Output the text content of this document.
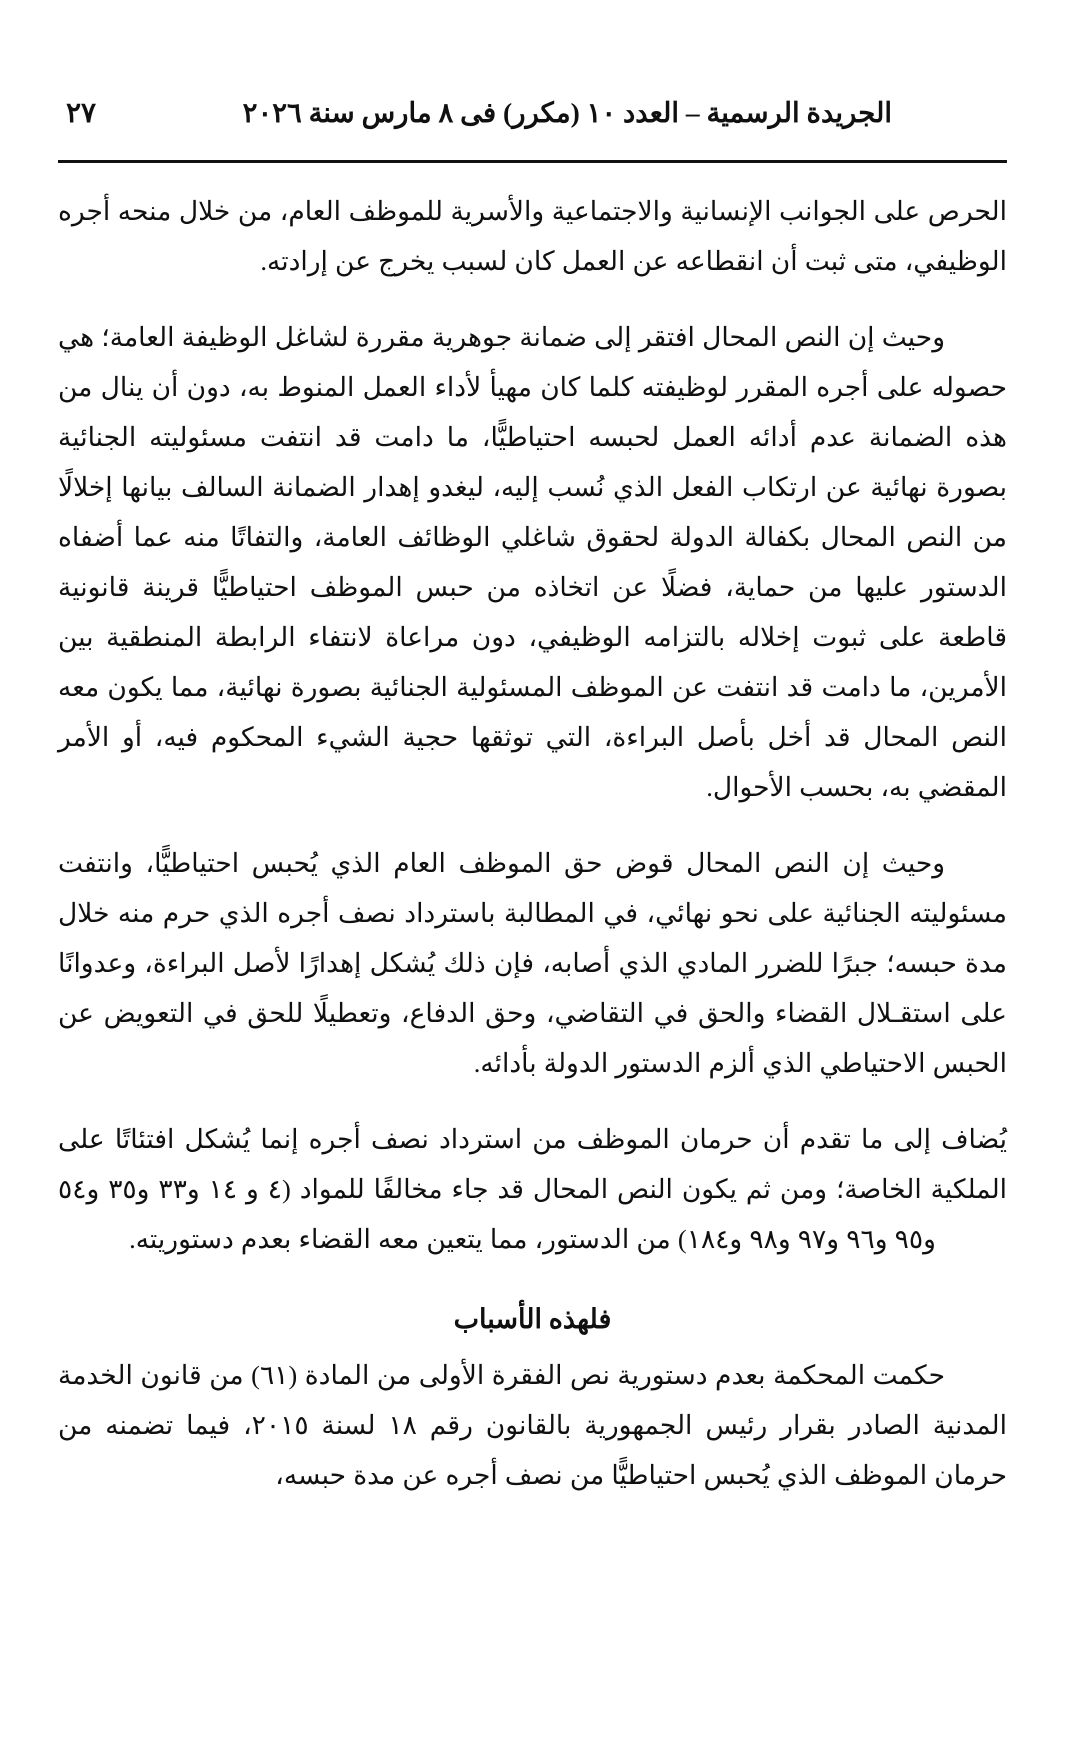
الجريدة الرسمية – العدد ١٠ (مكرر) فى ٨ مارس سنة ٢٠٢٦
٢٧

الحرص على الجوانب الإنسانية والاجتماعية والأسرية للموظف العام، من خلال منحه أجره الوظيفي، متى ثبت أن انقطاعه عن العمل كان لسبب يخرج عن إرادته.

وحيث إن النص المحال افتقر إلى ضمانة جوهرية مقررة لشاغل الوظيفة العامة؛ هي حصوله على أجره المقرر لوظيفته كلما كان مهيأ لأداء العمل المنوط به، دون أن ينال من هذه الضمانة عدم أدائه العمل لحبسه احتياطيًّا، ما دامت قد انتفت مسئوليته الجنائية بصورة نهائية عن ارتكاب الفعل الذي نُسب إليه، ليغدو إهدار الضمانة السالف بيانها إخلالًا من النص المحال بكفالة الدولة لحقوق شاغلي الوظائف العامة، والتفاتًا منه عما أضفاه الدستور عليها من حماية، فضلًا عن اتخاذه من حبس الموظف احتياطيًّا قرينة قانونية قاطعة على ثبوت إخلاله بالتزامه الوظيفي، دون مراعاة لانتفاء الرابطة المنطقية بين الأمرين، ما دامت قد انتفت عن الموظف المسئولية الجنائية بصورة نهائية، مما يكون معه النص المحال قد أخل بأصل البراءة، التي توثقها حجية الشيء المحكوم فيه، أو الأمر المقضي به، بحسب الأحوال.

وحيث إن النص المحال قوض حق الموظف العام الذي يُحبس احتياطيًّا، وانتفت مسئوليته الجنائية على نحو نهائي، في المطالبة باسترداد نصف أجره الذي حرم منه خلال مدة حبسه؛ جبرًا للضرر المادي الذي أصابه، فإن ذلك يُشكل إهدارًا لأصل البراءة، وعدوانًا على استقـلال القضاء والحق في التقاضي، وحق الدفاع، وتعطيلًا للحق في التعويض عن الحبس الاحتياطي الذي ألزم الدستور الدولة بأدائه.

يُضاف إلى ما تقدم أن حرمان الموظف من استرداد نصف أجره إنما يُشكل افتئاتًا على الملكية الخاصة؛ ومن ثم يكون النص المحال قد جاء مخالفًا للمواد (٤ و ١٤ و٣٣ و٣٥ و٥٤ و٩٥ و٩٦ و٩٧ و٩٨ و١٨٤) من الدستور، مما يتعين معه القضاء بعدم دستوريته.

فلهذه الأسباب

حكمت المحكمة بعدم دستورية نص الفقرة الأولى من المادة (٦١) من قانون الخدمة المدنية الصادر بقرار رئيس الجمهورية بالقانون رقم ١٨ لسنة ٢٠١٥، فيما تضمنه من حرمان الموظف الذي يُحبس احتياطيًّا من نصف أجره عن مدة حبسه،
